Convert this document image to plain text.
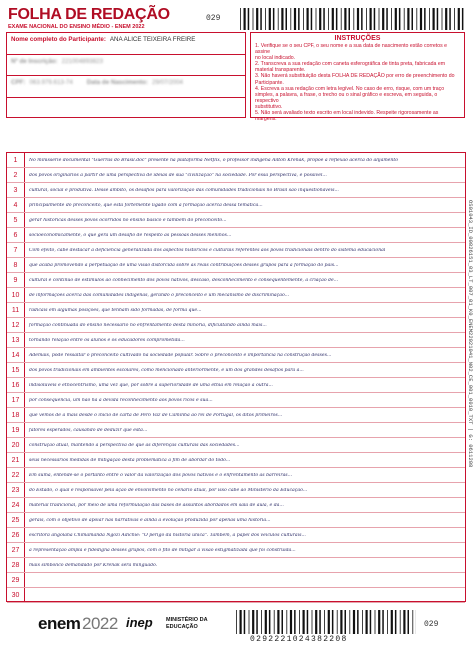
FOLHA DE REDAÇÃO
EXAME NACIONAL DO ENSINO MÉDIO - ENEM 2022
029
Nome completo do Participante: ANA ALICE TEIXEIRA FREIRE
Nº de Inscrição: 221004893823
CPF: 063.979.613-74 Data de Nascimento: 29/07/2004
INSTRUÇÕES
1. Verifique se o seu CPF, o seu nome e a sua data de nascimento estão corretos e assine
no local indicado.
2. Transcreva a sua redação com caneta esferográfica de tinta preta, fabricada em
material transparente.
3. Não haverá substituição desta FOLHA DE REDAÇÃO por erro de preenchimento do
Participante.
4. Escreva a sua redação com letra legível. No caso de erro, risque, com um traço
simples, a palavra, a frase, o trecho ou o sinal gráfico e escreva, em seguida, o respectivo
substitutivo.
5. Não será avaliado texto escrito em local indevido. Respeite rigorosamente as margens.
1	No minissérie documental "Guerras do Brasil.doc" presente na plataforma Netflix, o professor indígena Ailton Krenak, propõe a reflexão acerca do alijamento
2	dos povos originários a partir de uma perspectiva de ideias de sua "civilização" na sociedade. Por essa perspectiva, é possível...
3	cultural, social e produtiva. Desse âmbito, os desafios para valorização das comunidades tradicionais no Brasil são inquestionáveis...
4	principalmente do preconceito, que está fortemente ligado com a formação acerca dessa temática...
5	gerar históricas desses povos ocorridos no ensino básico e também do preconceito...
6	socioeconomicamente, o que gera um desafio de respeito às pessoas desses meninos...
7	Com efeito, cabe destacar a deficiência generalizada dos aspectos históricos e culturais referentes aos povos tradicionais dentro do sistema educacional
8	que acaba promovendo a perpetuação de uma visão distorcida sobre as reais contribuições desses grupos para a formação do país...
9	cultural e contínuo de estímulos ao conhecimento dos povos nativos, descaso, desconhecimento e consequentemente, a criação de...
10	de informações acerca das comunidades indígenas, gerando o preconceito e um mecanismo de discriminação...
11	radicais em algumas posições, que tenham sido formadas, de forma que...
12	formação continuada do ensino necessário no enfrentamento desta minoria, dificultando ainda mais...
13	tornando relação entre os alunos e os educadores comprometida...
14	Ademais, pode ressaltar o preconceito cultivado na sociedade popular. Sobre o preconceito e importância na construção desses...
15	dos povos tradicionais em ambientes escolares, como mencionado anteriormente, é um dos grandes desafios para a...
16	indisolúveis e etnocentrismo, uma vez que, por sobre a superioridade de uma etnia em relação à outra...
17	por consequência, um não há a devida reconhecimento aos povos ricos e sua...
18	que vemos de a mais desde o início de carta de Pero Vaz de Caminha ao rei de Portugal, os ditos primeiros...
19	fatores esperados, causando de deduzir que esta...
20	construção atual, mantendo a perspectiva de que as diferenças culturais das sociedades...
21	seus necessários medidas de mitigação desta problemática a fim de abordar do todo...
22	Em suma, entende-se o portanto entre o valor da valorização dos povos nativos e o enfrentamento às barreiras...
23	do Estado, o qual é responsável pela ação de envolvimento no cenário atual, por isso cabe ao Ministério da Educação...
24	material tradicional, por meio de uma reformulação das bases de assuntos abordados em sala de aula, e da...
25	gerais, com o objetivo de apoiar nas narrativas e ainda a evolução produzida por apenas uma história...
26	escritora angolana Chimamanda Ngozi Adichie: "O perigo da história única". Também, a papel dos veículos culturais...
27	a representação ampla e fidedigna desses grupos, com o fito de mitigar a visão estigmatizada que foi construída...
28	mais simbólico demandado por Krenak será minguado.
29
30
OS01043_ID_00826151_03_LT_007_01_K0_ENEM22021041_N02_CE_001_0010_TXT | G: 0611208
enem 2022 inep MINISTÉRIO DA
EDUCAÇÃO
0292221024382208
029
